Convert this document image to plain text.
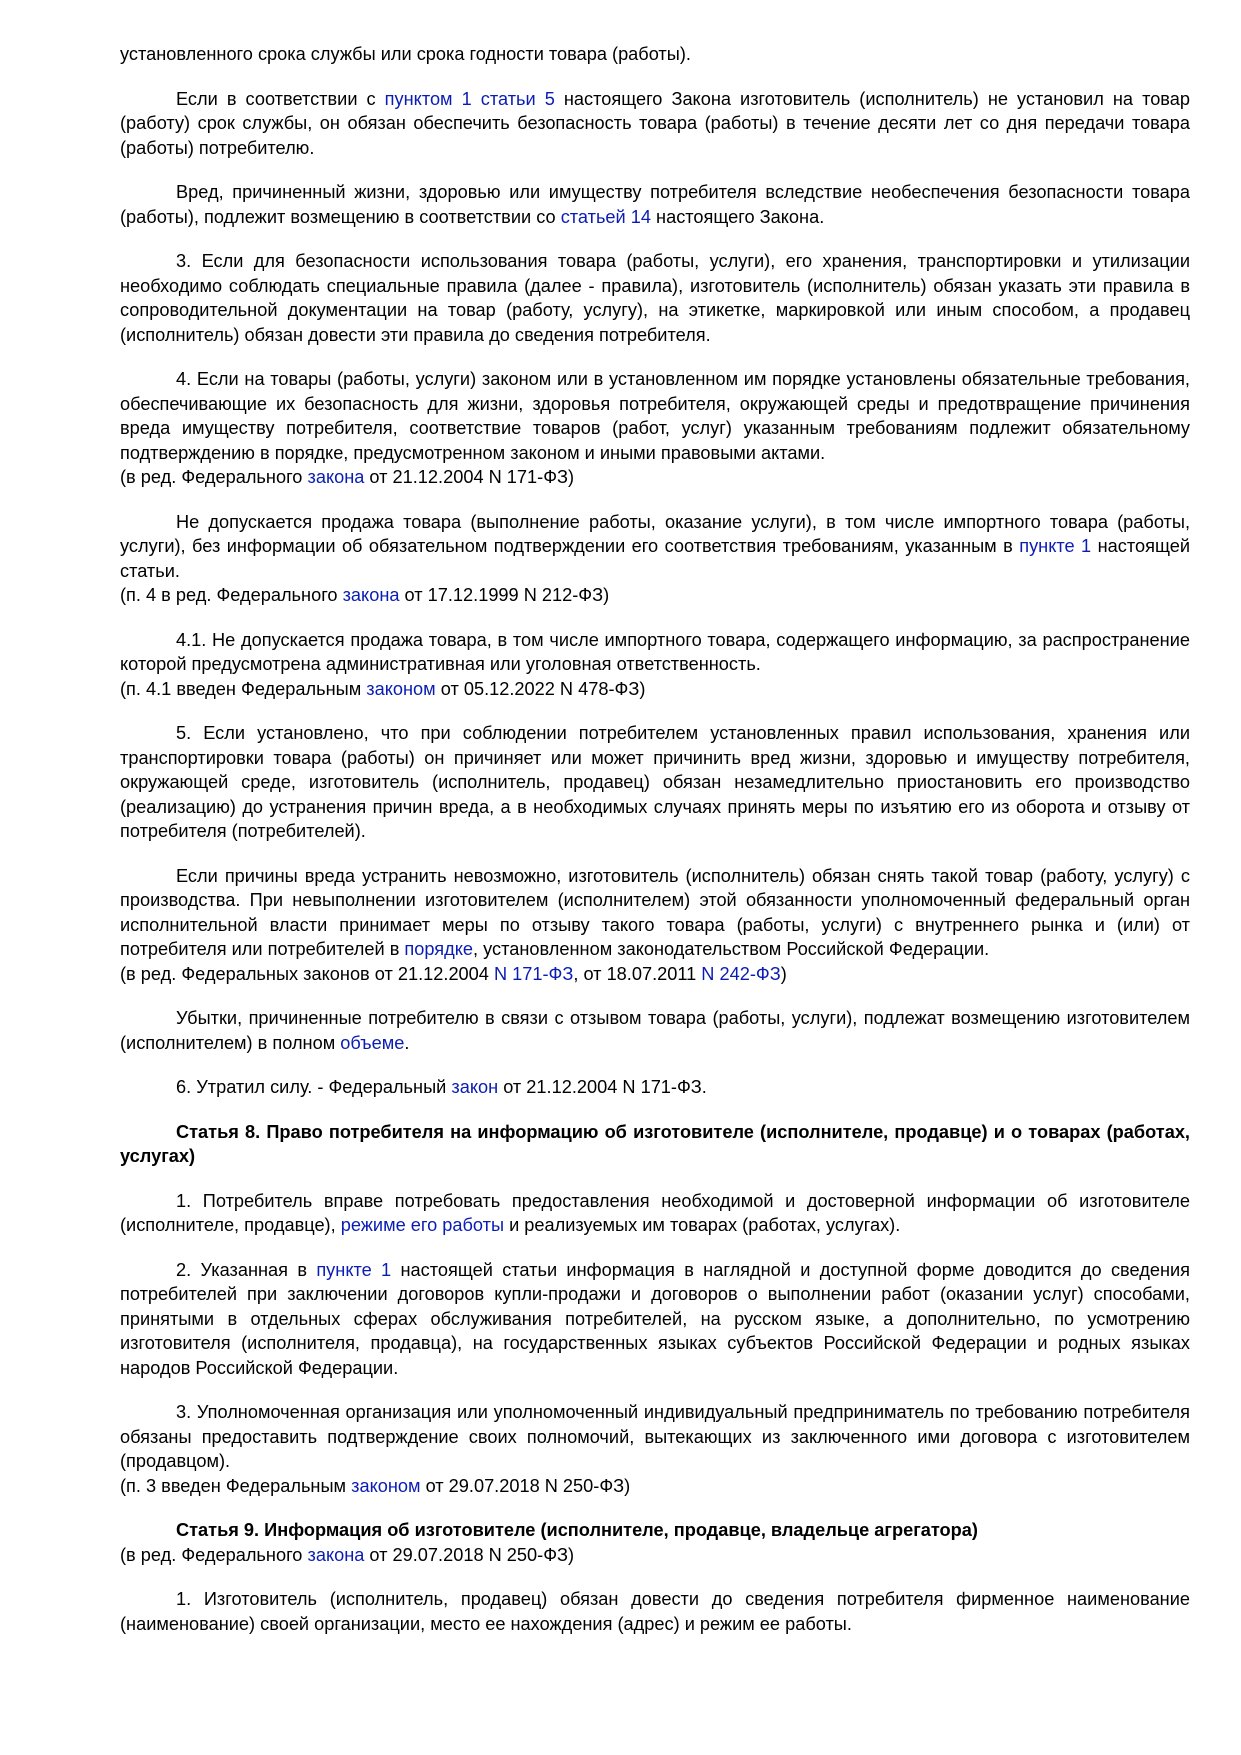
установленного срока службы или срока годности товара (работы).

Если в соответствии с пунктом 1 статьи 5 настоящего Закона изготовитель (исполнитель) не установил на товар (работу) срок службы, он обязан обеспечить безопасность товара (работы) в течение десяти лет со дня передачи товара (работы) потребителю.

Вред, причиненный жизни, здоровью или имуществу потребителя вследствие необеспечения безопасности товара (работы), подлежит возмещению в соответствии со статьей 14 настоящего Закона.

3. Если для безопасности использования товара (работы, услуги), его хранения, транспортировки и утилизации необходимо соблюдать специальные правила (далее - правила), изготовитель (исполнитель) обязан указать эти правила в сопроводительной документации на товар (работу, услугу), на этикетке, маркировкой или иным способом, а продавец (исполнитель) обязан довести эти правила до сведения потребителя.

4. Если на товары (работы, услуги) законом или в установленном им порядке установлены обязательные требования, обеспечивающие их безопасность для жизни, здоровья потребителя, окружающей среды и предотвращение причинения вреда имуществу потребителя, соответствие товаров (работ, услуг) указанным требованиям подлежит обязательному подтверждению в порядке, предусмотренном законом и иными правовыми актами.

(в ред. Федерального закона от 21.12.2004 N 171-ФЗ)

Не допускается продажа товара (выполнение работы, оказание услуги), в том числе импортного товара (работы, услуги), без информации об обязательном подтверждении его соответствия требованиям, указанным в пункте 1 настоящей статьи.

(п. 4 в ред. Федерального закона от 17.12.1999 N 212-ФЗ)

4.1. Не допускается продажа товара, в том числе импортного товара, содержащего информацию, за распространение которой предусмотрена административная или уголовная ответственность.

(п. 4.1 введен Федеральным законом от 05.12.2022 N 478-ФЗ)

5. Если установлено, что при соблюдении потребителем установленных правил использования, хранения или транспортировки товара (работы) он причиняет или может причинить вред жизни, здоровью и имуществу потребителя, окружающей среде, изготовитель (исполнитель, продавец) обязан незамедлительно приостановить его производство (реализацию) до устранения причин вреда, а в необходимых случаях принять меры по изъятию его из оборота и отзыву от потребителя (потребителей).

Если причины вреда устранить невозможно, изготовитель (исполнитель) обязан снять такой товар (работу, услугу) с производства. При невыполнении изготовителем (исполнителем) этой обязанности уполномоченный федеральный орган исполнительной власти принимает меры по отзыву такого товара (работы, услуги) с внутреннего рынка и (или) от потребителя или потребителей в порядке, установленном законодательством Российской Федерации.

(в ред. Федеральных законов от 21.12.2004 N 171-ФЗ, от 18.07.2011 N 242-ФЗ)

Убытки, причиненные потребителю в связи с отзывом товара (работы, услуги), подлежат возмещению изготовителем (исполнителем) в полном объеме.

6. Утратил силу. - Федеральный закон от 21.12.2004 N 171-ФЗ.

Статья 8. Право потребителя на информацию об изготовителе (исполнителе, продавце) и о товарах (работах, услугах)

1. Потребитель вправе потребовать предоставления необходимой и достоверной информации об изготовителе (исполнителе, продавце), режиме его работы и реализуемых им товарах (работах, услугах).

2. Указанная в пункте 1 настоящей статьи информация в наглядной и доступной форме доводится до сведения потребителей при заключении договоров купли-продажи и договоров о выполнении работ (оказании услуг) способами, принятыми в отдельных сферах обслуживания потребителей, на русском языке, а дополнительно, по усмотрению изготовителя (исполнителя, продавца), на государственных языках субъектов Российской Федерации и родных языках народов Российской Федерации.

3. Уполномоченная организация или уполномоченный индивидуальный предприниматель по требованию потребителя обязаны предоставить подтверждение своих полномочий, вытекающих из заключенного ими договора с изготовителем (продавцом).

(п. 3 введен Федеральным законом от 29.07.2018 N 250-ФЗ)

Статья 9. Информация об изготовителе (исполнителе, продавце, владельце агрегатора)

(в ред. Федерального закона от 29.07.2018 N 250-ФЗ)

1. Изготовитель (исполнитель, продавец) обязан довести до сведения потребителя фирменное наименование (наименование) своей организации, место ее нахождения (адрес) и режим ее работы.
